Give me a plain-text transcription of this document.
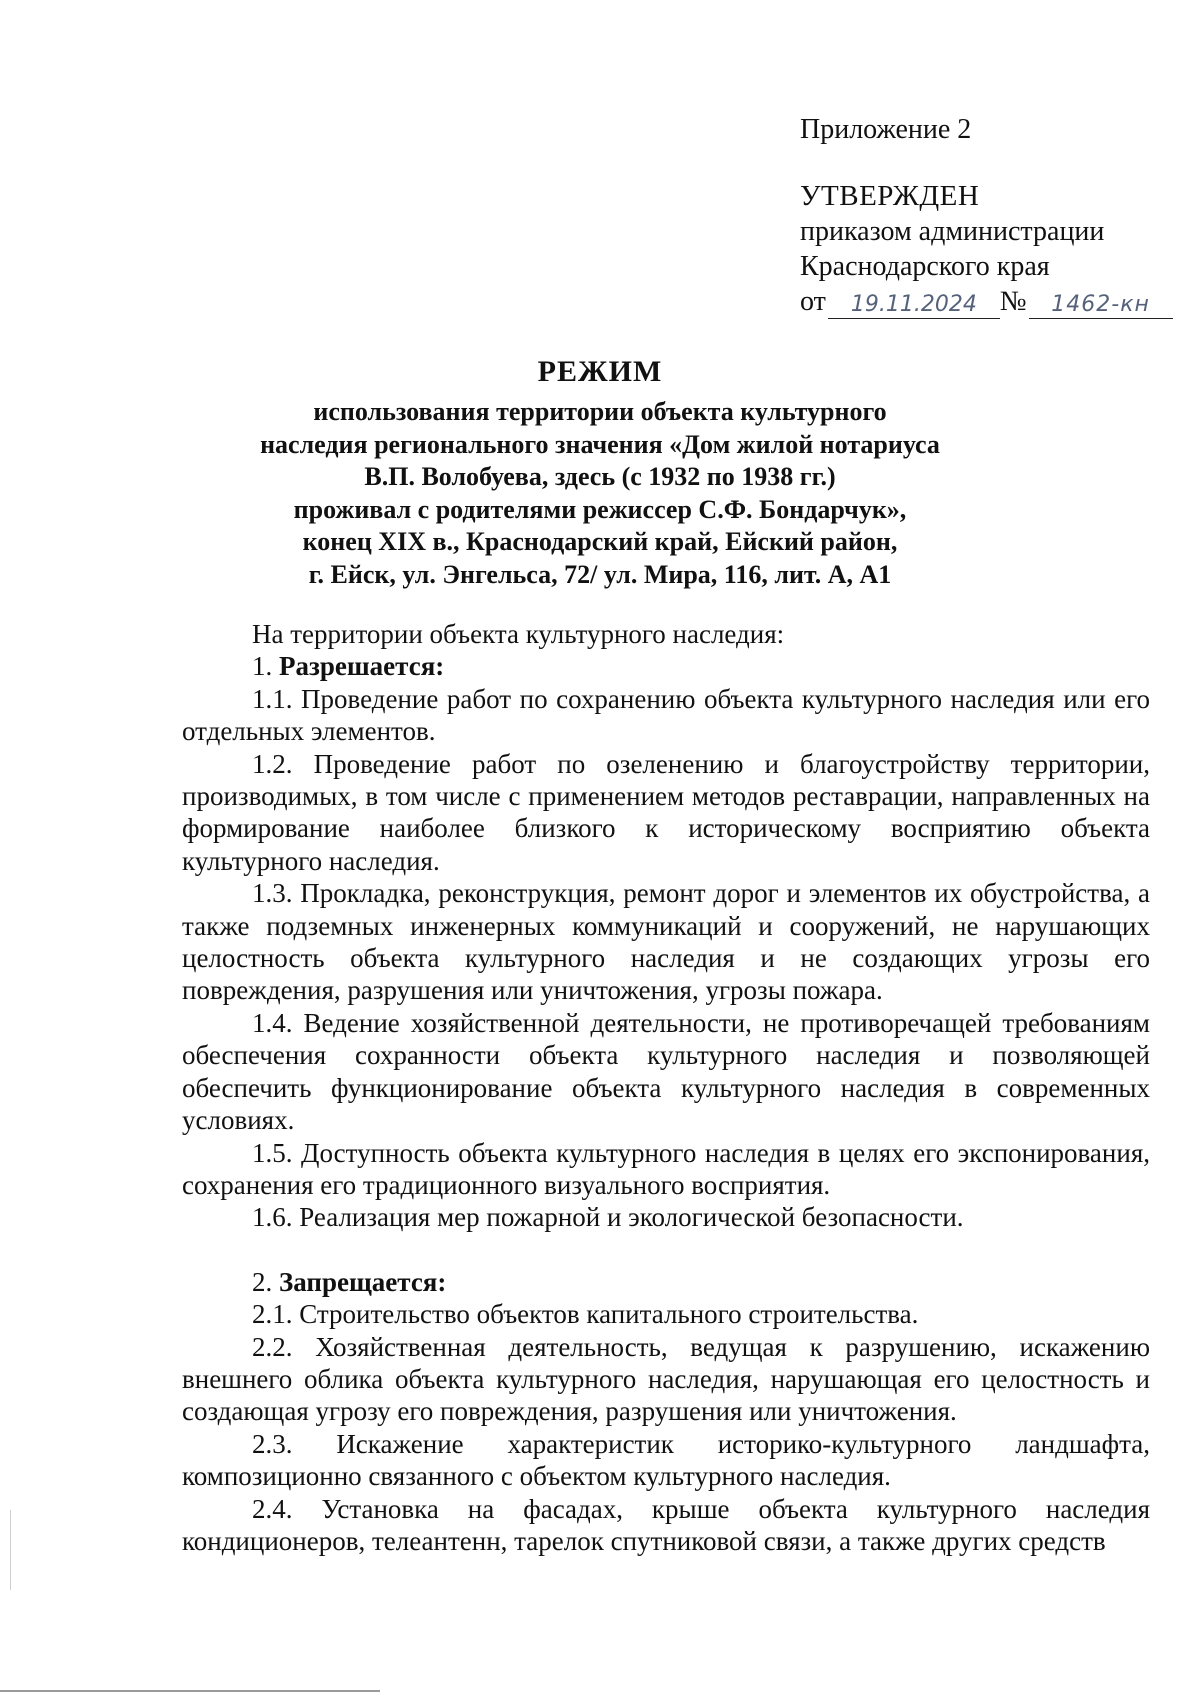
Приложение 2
УТВЕРЖДЕН
приказом администрации
Краснодарского края
от	19.11.2024 №	1462-кн
РЕЖИМ
использования территории объекта культурного
наследия регионального значения «Дом жилой нотариуса
В.П. Волобуева, здесь (с 1932 по 1938 гг.)
проживал с родителями режиссер С.Ф. Бондарчук»,
конец XIX в., Краснодарский край, Ейский район,
г. Ейск, ул. Энгельса, 72/ ул. Мира, 116, лит. А, А1

На территории объекта культурного наследия:

1. Разрешается:

1.1. Проведение работ по сохранению объекта культурного наследия или его отдельных элементов.

1.2. Проведение работ по озеленению и благоустройству территории, производимых, в том числе с применением методов реставрации, направленных на формирование наиболее близкого к историческому восприятию объекта культурного наследия.

1.3. Прокладка, реконструкция, ремонт дорог и элементов их обустройства, а также подземных инженерных коммуникаций и сооружений, не нарушающих целостность объекта культурного наследия и не создающих угрозы его повреждения, разрушения или уничтожения, угрозы пожара.

1.4. Ведение хозяйственной деятельности, не противоречащей требованиям обеспечения сохранности объекта культурного наследия и позволяющей обеспечить функционирование объекта культурного наследия в современных условиях.

1.5. Доступность объекта культурного наследия в целях его экспонирования, сохранения его традиционного визуального восприятия.

1.6. Реализация мер пожарной и экологической безопасности.

2. Запрещается:

2.1. Строительство объектов капитального строительства.

2.2. Хозяйственная деятельность, ведущая к разрушению, искажению внешнего облика объекта культурного наследия, нарушающая его целостность и создающая угрозу его повреждения, разрушения или уничтожения.

2.3. Искажение характеристик историко-культурного ландшафта, композиционно связанного с объектом культурного наследия.

2.4. Установка на фасадах, крыше объекта культурного наследия кондиционеров, телеантенн, тарелок спутниковой связи, а также других средств
